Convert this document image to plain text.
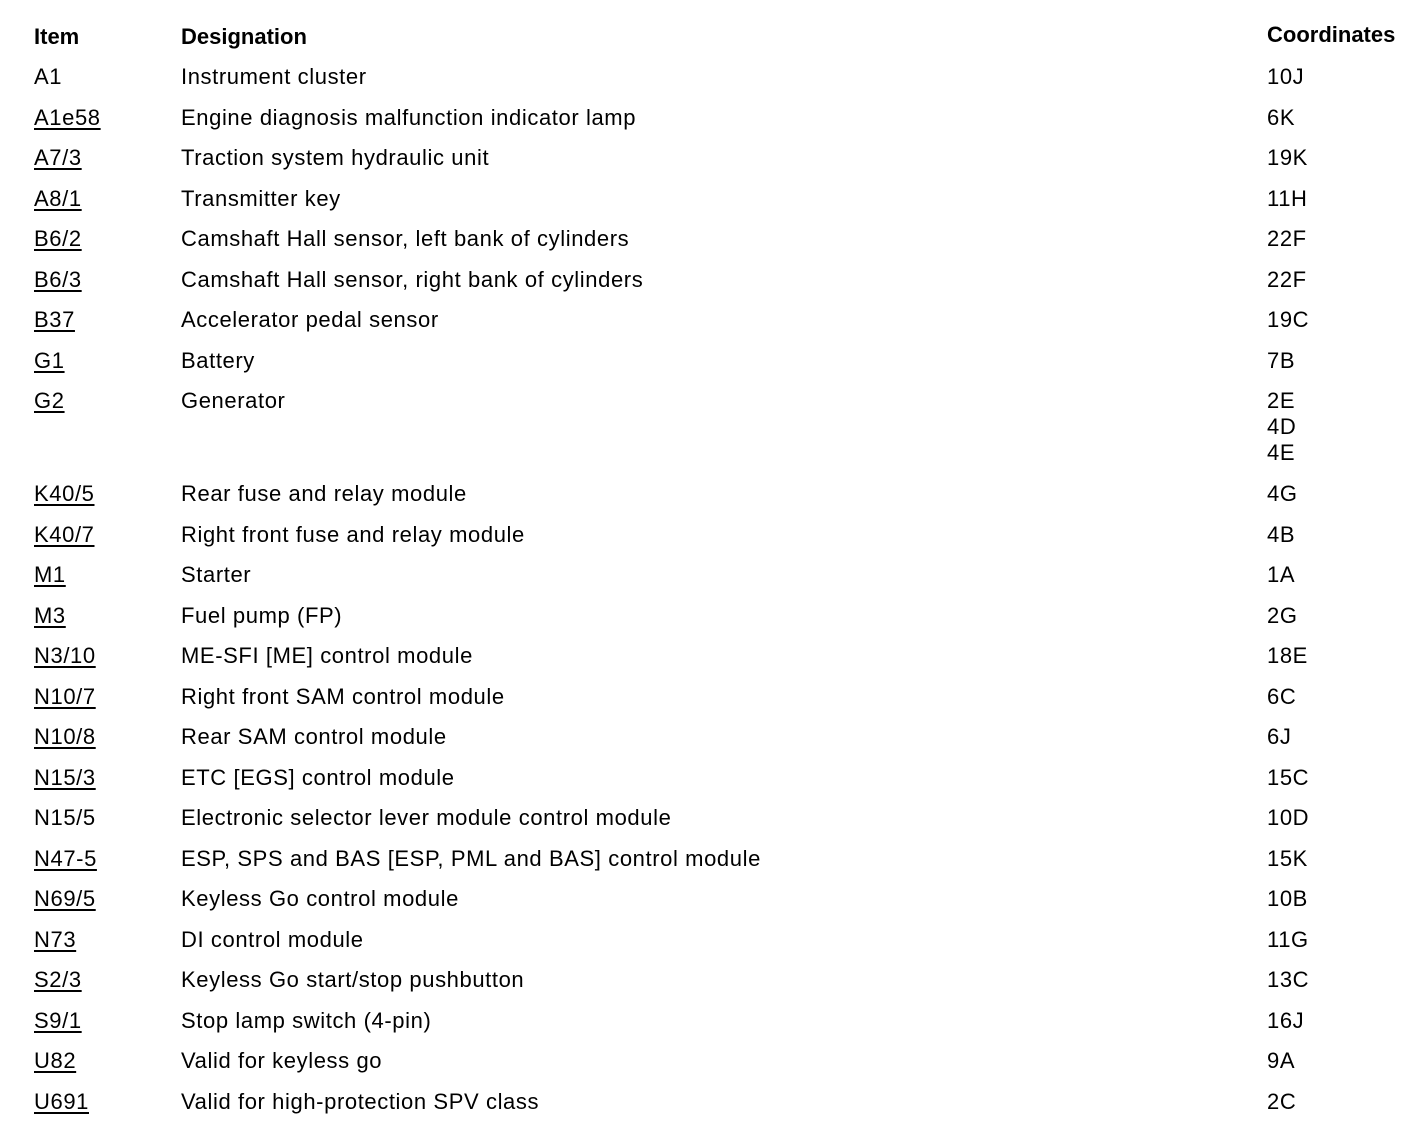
Item	Designation	Coordinates
A1	Instrument cluster	10J
A1e58	Engine diagnosis malfunction indicator lamp	6K
A7/3	Traction system hydraulic unit	19K
A8/1	Transmitter key	11H
B6/2	Camshaft Hall sensor, left bank of cylinders	22F
B6/3	Camshaft Hall sensor, right bank of cylinders	22F
B37	Accelerator pedal sensor	19C
G1	Battery	7B
G2	Generator	2E
4D
4E
K40/5	Rear fuse and relay module	4G
K40/7	Right front fuse and relay module	4B
M1	Starter	1A
M3	Fuel pump (FP)	2G
N3/10	ME-SFI [ME] control module	18E
N10/7	Right front SAM control module	6C
N10/8	Rear SAM control module	6J
N15/3	ETC [EGS] control module	15C
N15/5	Electronic selector lever module control module	10D
N47-5	ESP, SPS and BAS [ESP, PML and BAS] control module	15K
N69/5	Keyless Go control module	10B
N73	DI control module	11G
S2/3	Keyless Go start/stop pushbutton	13C
S9/1	Stop lamp switch (4-pin)	16J
U82	Valid for keyless go	9A
U691	Valid for high-protection SPV class	2C
